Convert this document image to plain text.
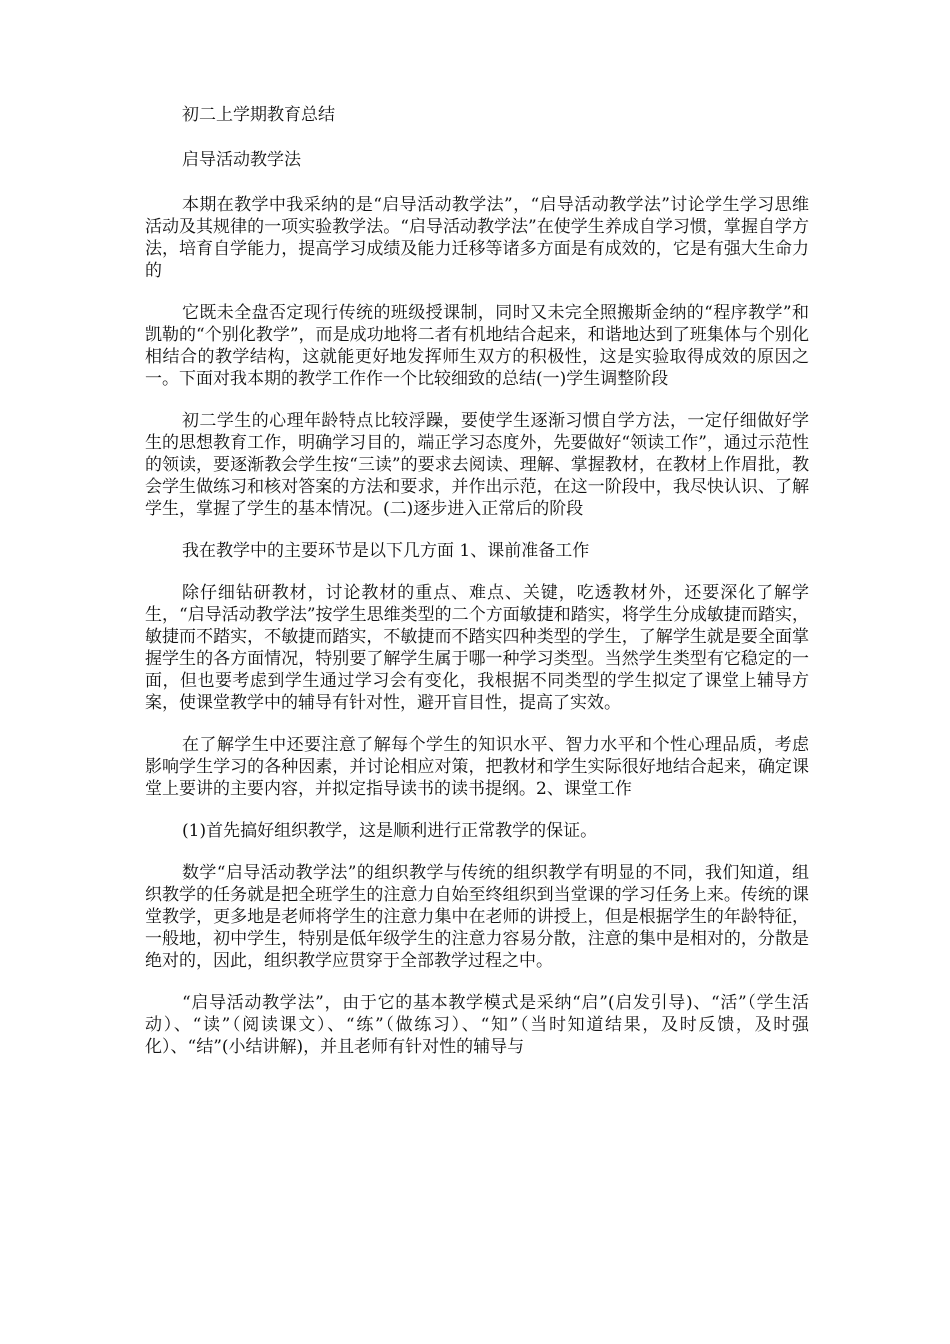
初二上学期教育总结

启导活动教学法

本期在教学中我采纳的是“启导活动教学法”，“启导活动教学法”讨论学生学习思维活动及其规律的一项实验教学法。“启导活动教学法”在使学生养成自学习惯，掌握自学方法，培育自学能力，提高学习成绩及能力迁移等诸多方面是有成效的，它是有强大生命力的

它既未全盘否定现行传统的班级授课制，同时又未完全照搬斯金纳的“程序教学”和凯勒的“个别化教学”，而是成功地将二者有机地结合起来，和谐地达到了班集体与个别化相结合的教学结构，这就能更好地发挥师生双方的积极性，这是实验取得成效的原因之一。下面对我本期的教学工作作一个比较细致的总结(一)学生调整阶段

初二学生的心理年龄特点比较浮躁，要使学生逐渐习惯自学方法，一定仔细做好学生的思想教育工作，明确学习目的，端正学习态度外，先要做好“领读工作”，通过示范性的领读，要逐渐教会学生按“三读”的要求去阅读、理解、掌握教材，在教材上作眉批，教会学生做练习和核对答案的方法和要求，并作出示范，在这一阶段中，我尽快认识、了解学生，掌握了学生的基本情况。(二)逐步进入正常后的阶段

我在教学中的主要环节是以下几方面 1、课前准备工作

除仔细钻研教材，讨论教材的重点、难点、关键，吃透教材外，还要深化了解学生，“启导活动教学法”按学生思维类型的二个方面敏捷和踏实，将学生分成敏捷而踏实，敏捷而不踏实，不敏捷而踏实，不敏捷而不踏实四种类型的学生，了解学生就是要全面掌握学生的各方面情况，特别要了解学生属于哪一种学习类型。当然学生类型有它稳定的一面，但也要考虑到学生通过学习会有变化，我根据不同类型的学生拟定了课堂上辅导方案，使课堂教学中的辅导有针对性，避开盲目性，提高了实效。

在了解学生中还要注意了解每个学生的知识水平、智力水平和个性心理品质，考虑影响学生学习的各种因素，并讨论相应对策，把教材和学生实际很好地结合起来，确定课堂上要讲的主要内容，并拟定指导读书的读书提纲。2、课堂工作

(1)首先搞好组织教学，这是顺利进行正常教学的保证。

数学“启导活动教学法”的组织教学与传统的组织教学有明显的不同，我们知道，组织教学的任务就是把全班学生的注意力自始至终组织到当堂课的学习任务上来。传统的课堂教学，更多地是老师将学生的注意力集中在老师的讲授上，但是根据学生的年龄特征，一般地，初中学生，特别是低年级学生的注意力容易分散，注意的集中是相对的，分散是绝对的，因此，组织教学应贯穿于全部教学过程之中。

“启导活动教学法”，由于它的基本教学模式是采纳“启”(启发引导)、“活”（学生活动）、“读”（阅读课文）、“练”（做练习）、“知”（当时知道结果，及时反馈，及时强化）、“结”(小结讲解)，并且老师有针对性的辅导与
